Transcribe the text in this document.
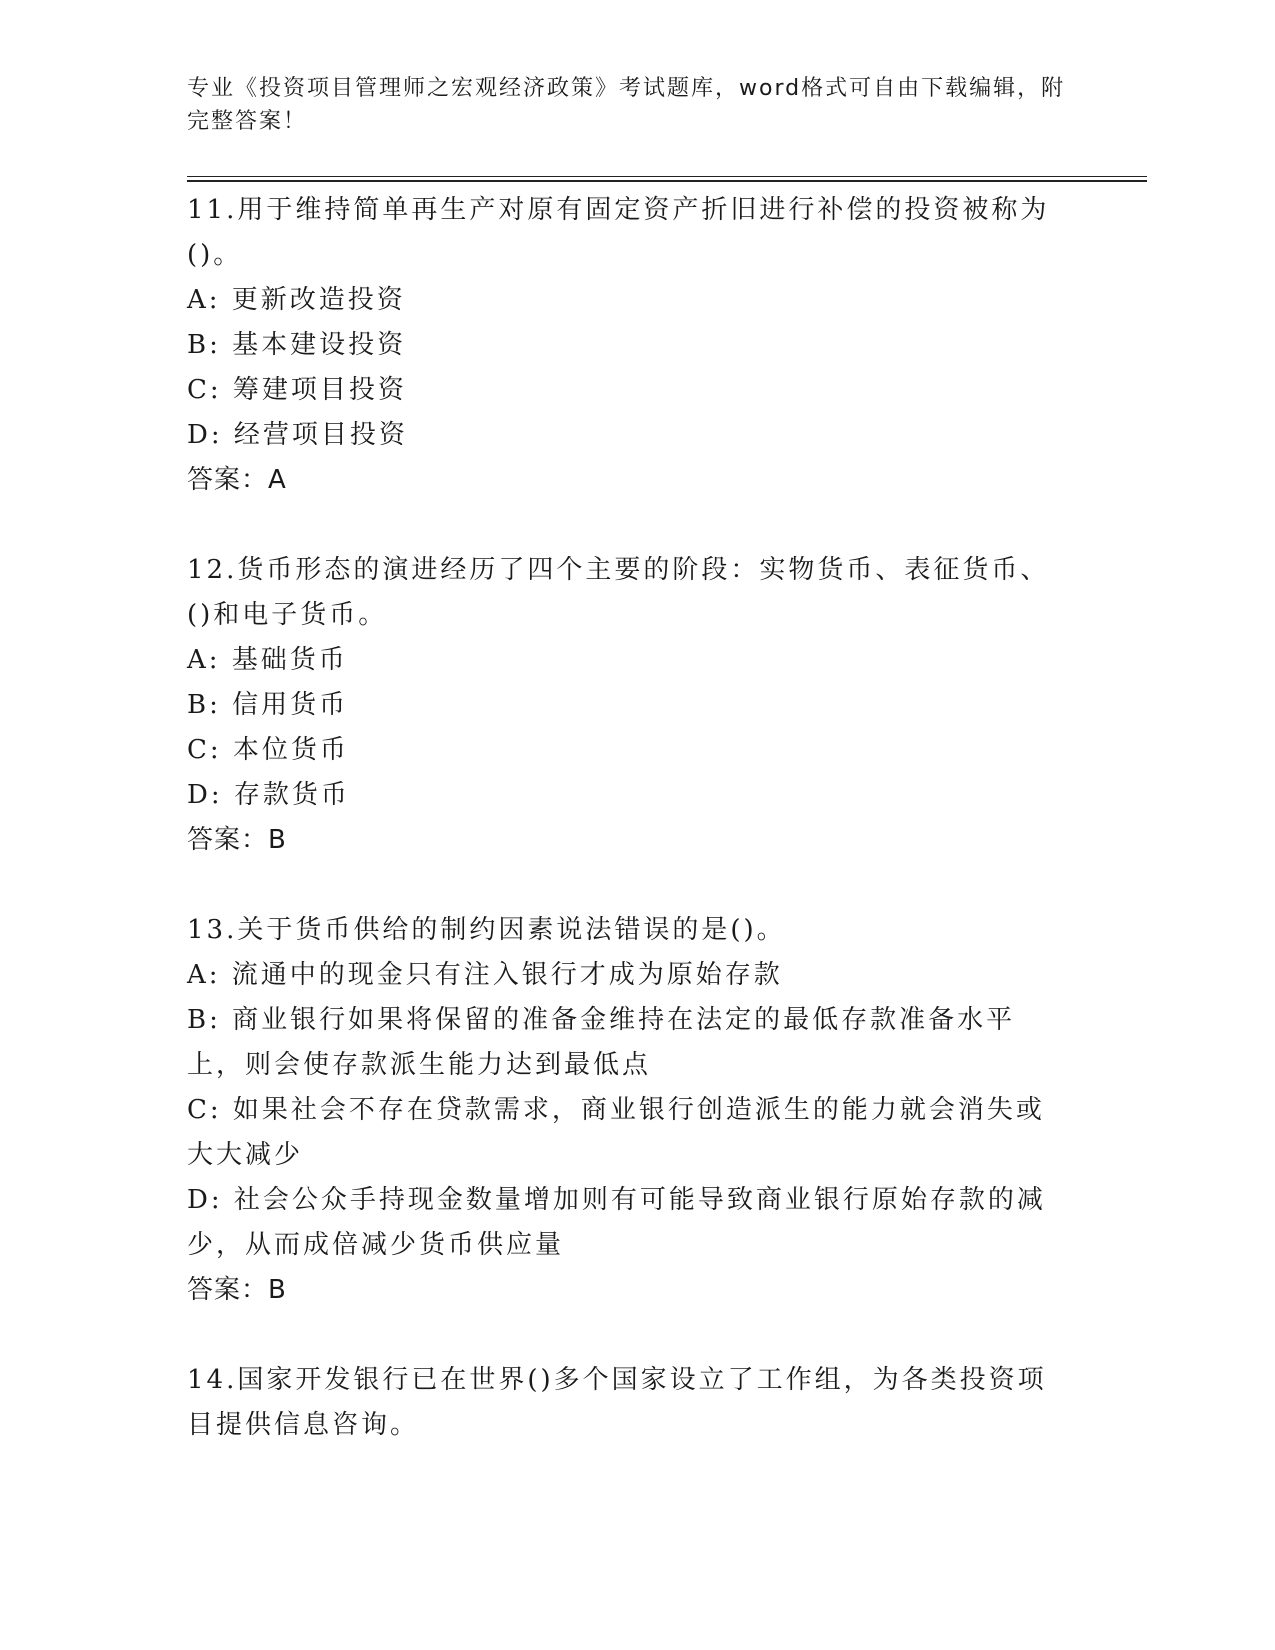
专业《投资项目管理师之宏观经济政策》考试题库，word格式可自由下载编辑，附完整答案！

11.用于维持简单再生产对原有固定资产折旧进行补偿的投资被称为()。

A: 更新改造投资

B: 基本建设投资

C: 筹建项目投资

D: 经营项目投资

答案：A

12.货币形态的演进经历了四个主要的阶段：实物货币、表征货币、()和电子货币。

A: 基础货币

B: 信用货币

C: 本位货币

D: 存款货币

答案：B

13.关于货币供给的制约因素说法错误的是()。

A: 流通中的现金只有注入银行才成为原始存款

B: 商业银行如果将保留的准备金维持在法定的最低存款准备水平上，则会使存款派生能力达到最低点

C: 如果社会不存在贷款需求，商业银行创造派生的能力就会消失或大大减少

D: 社会公众手持现金数量增加则有可能导致商业银行原始存款的减少，从而成倍减少货币供应量

答案：B

14.国家开发银行已在世界()多个国家设立了工作组，为各类投资项目提供信息咨询。
